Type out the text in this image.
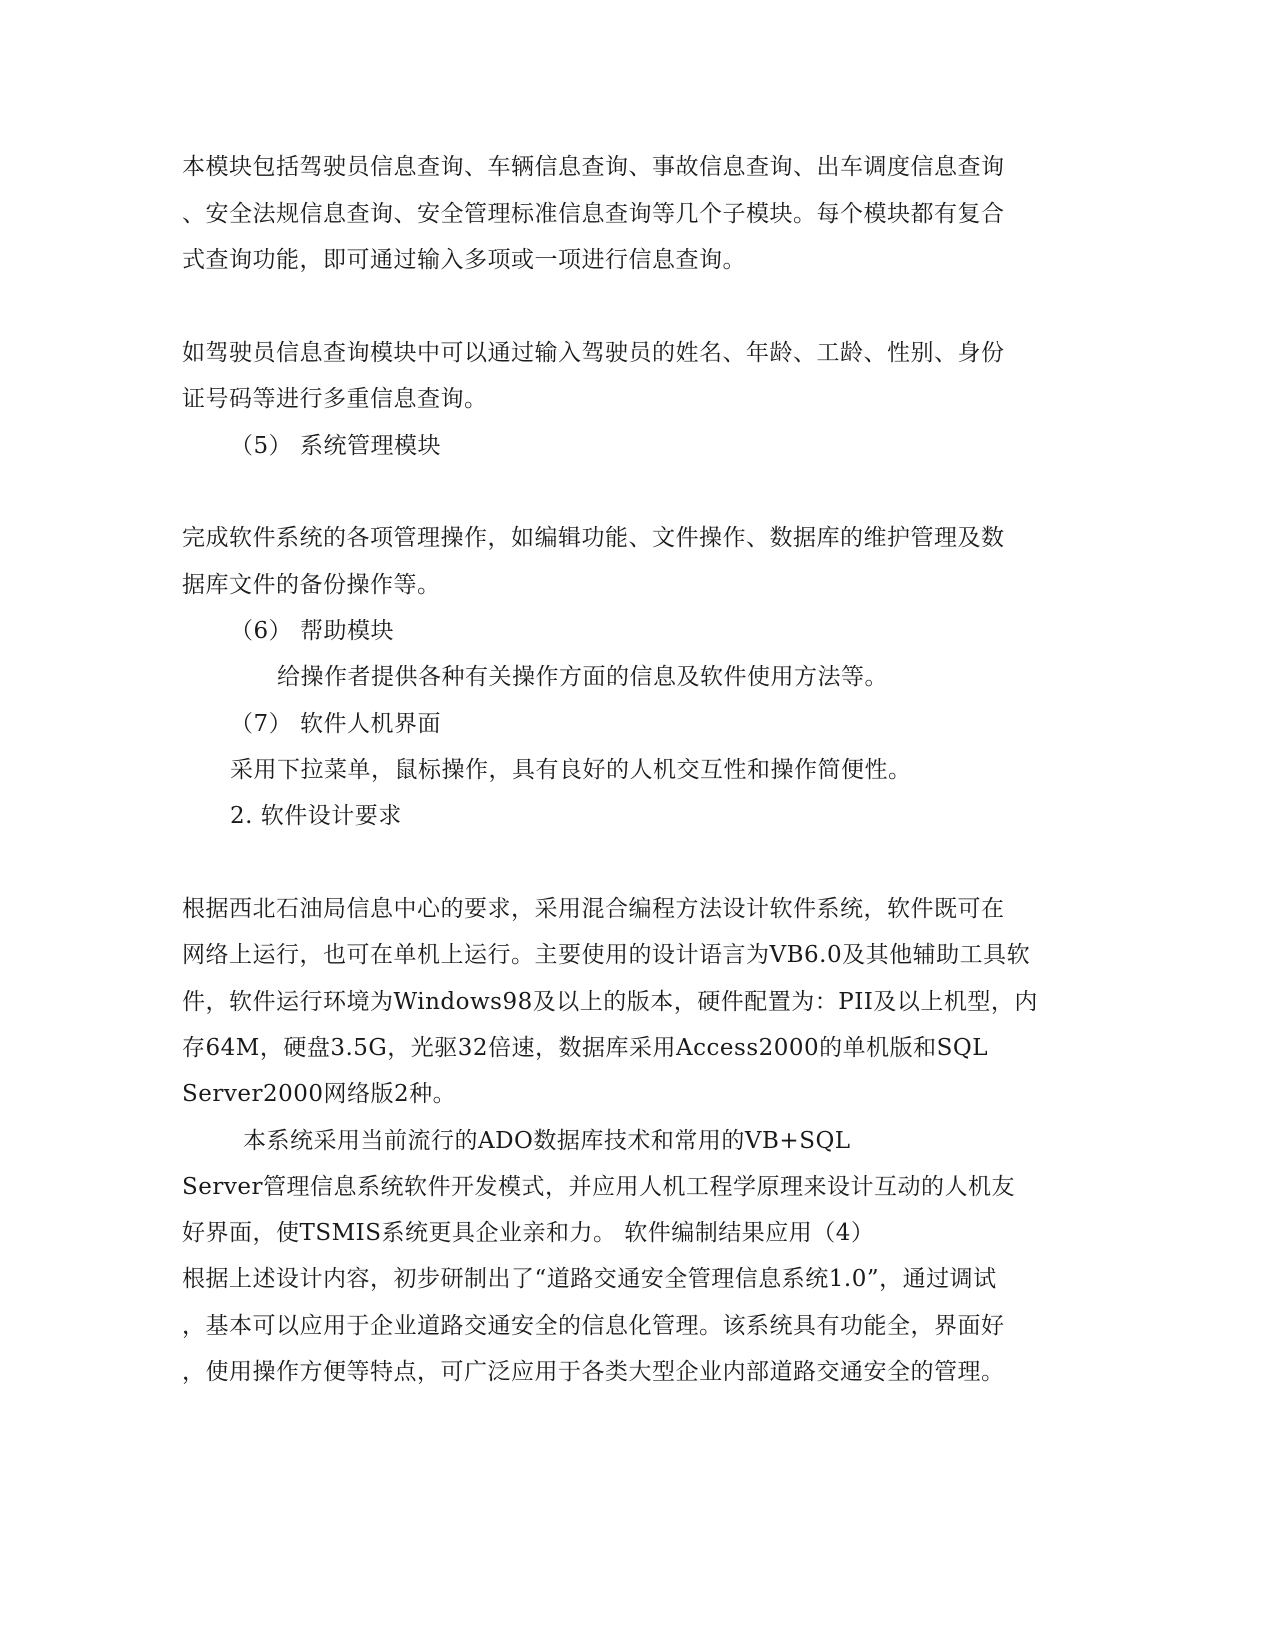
本模块包括驾驶员信息查询、车辆信息查询、事故信息查询、出车调度信息查询
、安全法规信息查询、安全管理标准信息查询等几个子模块。每个模块都有复合
式查询功能，即可通过输入多项或一项进行信息查询。
如驾驶员信息查询模块中可以通过输入驾驶员的姓名、年龄、工龄、性别、身份
证号码等进行多重信息查询。
（5） 系统管理模块
完成软件系统的各项管理操作，如编辑功能、文件操作、数据库的维护管理及数
据库文件的备份操作等。
（6） 帮助模块
给操作者提供各种有关操作方面的信息及软件使用方法等。
（7） 软件人机界面
采用下拉菜单，鼠标操作，具有良好的人机交互性和操作简便性。
2. 软件设计要求
根据西北石油局信息中心的要求，采用混合编程方法设计软件系统，软件既可在
网络上运行，也可在单机上运行。主要使用的设计语言为VB6.0及其他辅助工具软
件，软件运行环境为Windows98及以上的版本，硬件配置为：PII及以上机型，内
存64M，硬盘3.5G，光驱32倍速，数据库采用Access2000的单机版和SQL
Server2000网络版2种。
本系统采用当前流行的ADO数据库技术和常用的VB+SQL
Server管理信息系统软件开发模式，并应用人机工程学原理来设计互动的人机友
好界面，使TSMIS系统更具企业亲和力。 软件编制结果应用（4）
根据上述设计内容，初步研制出了“道路交通安全管理信息系统1.0”，通过调试
，基本可以应用于企业道路交通安全的信息化管理。该系统具有功能全，界面好
，使用操作方便等特点，可广泛应用于各类大型企业内部道路交通安全的管理。
